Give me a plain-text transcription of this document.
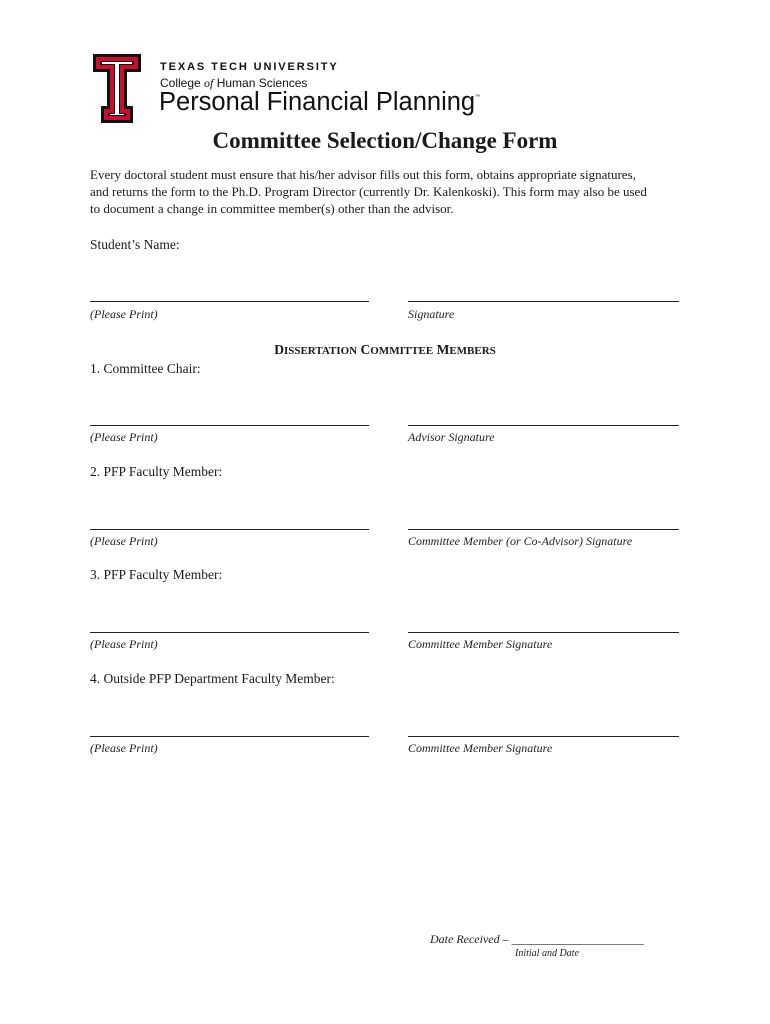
TEXAS TECH UNIVERSITY
College of Human Sciences
Personal Financial Planning™
Committee Selection/Change Form
Every doctoral student must ensure that his/her advisor fills out this form, obtains appropriate signatures,
and returns the form to the Ph.D. Program Director (currently Dr. Kalenkoski). This form may also be used
to document a change in committee member(s) other than the advisor.
Student’s Name:
(Please Print)	Signature
DISSERTATION COMMITTEE MEMBERS
1. Committee Chair:
(Please Print)	Advisor Signature
2. PFP Faculty Member:
(Please Print)	Committee Member (or Co-Advisor) Signature
3. PFP Faculty Member:
(Please Print)	Committee Member Signature
4. Outside PFP Department Faculty Member:
(Please Print)	Committee Member Signature
Date Received – ______________________
Initial and Date
